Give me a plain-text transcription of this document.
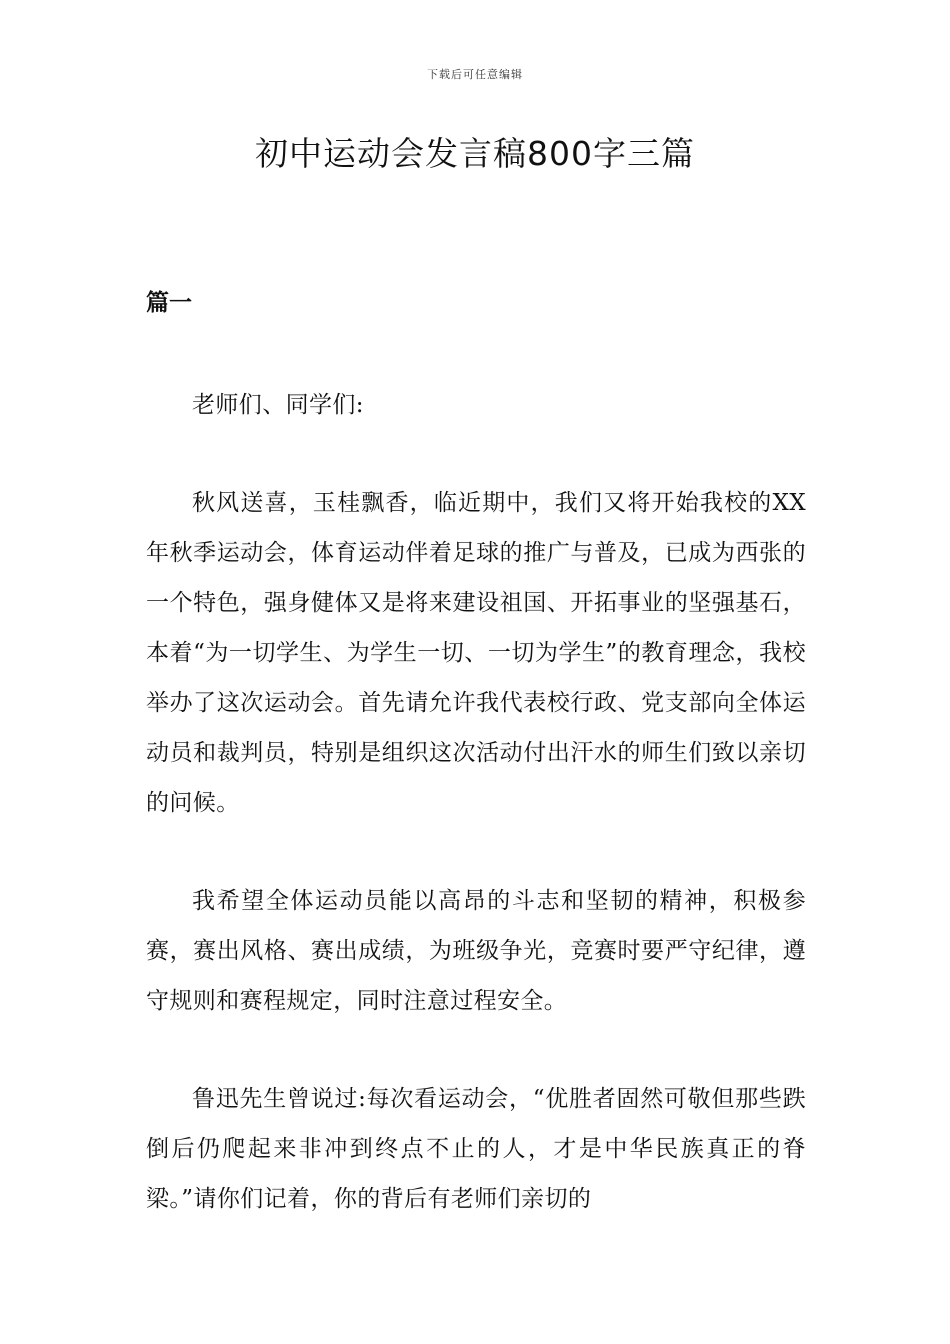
下载后可任意编辑
初中运动会发言稿800字三篇
篇一

老师们、同学们:

秋风送喜，玉桂飘香，临近期中，我们又将开始我校的XX年秋季运动会，体育运动伴着足球的推广与普及，已成为西张的一个特色，强身健体又是将来建设祖国、开拓事业的坚强基石，本着“为一切学生、为学生一切、一切为学生”的教育理念，我校举办了这次运动会。首先请允许我代表校行政、党支部向全体运动员和裁判员，特别是组织这次活动付出汗水的师生们致以亲切的问候。

我希望全体运动员能以高昂的斗志和坚韧的精神，积极参赛，赛出风格、赛出成绩，为班级争光，竞赛时要严守纪律，遵守规则和赛程规定，同时注意过程安全。

鲁迅先生曾说过:每次看运动会，“优胜者固然可敬但那些跌倒后仍爬起来非冲到终点不止的人，才是中华民族真正的脊梁。”请你们记着，你的背后有老师们亲切的
